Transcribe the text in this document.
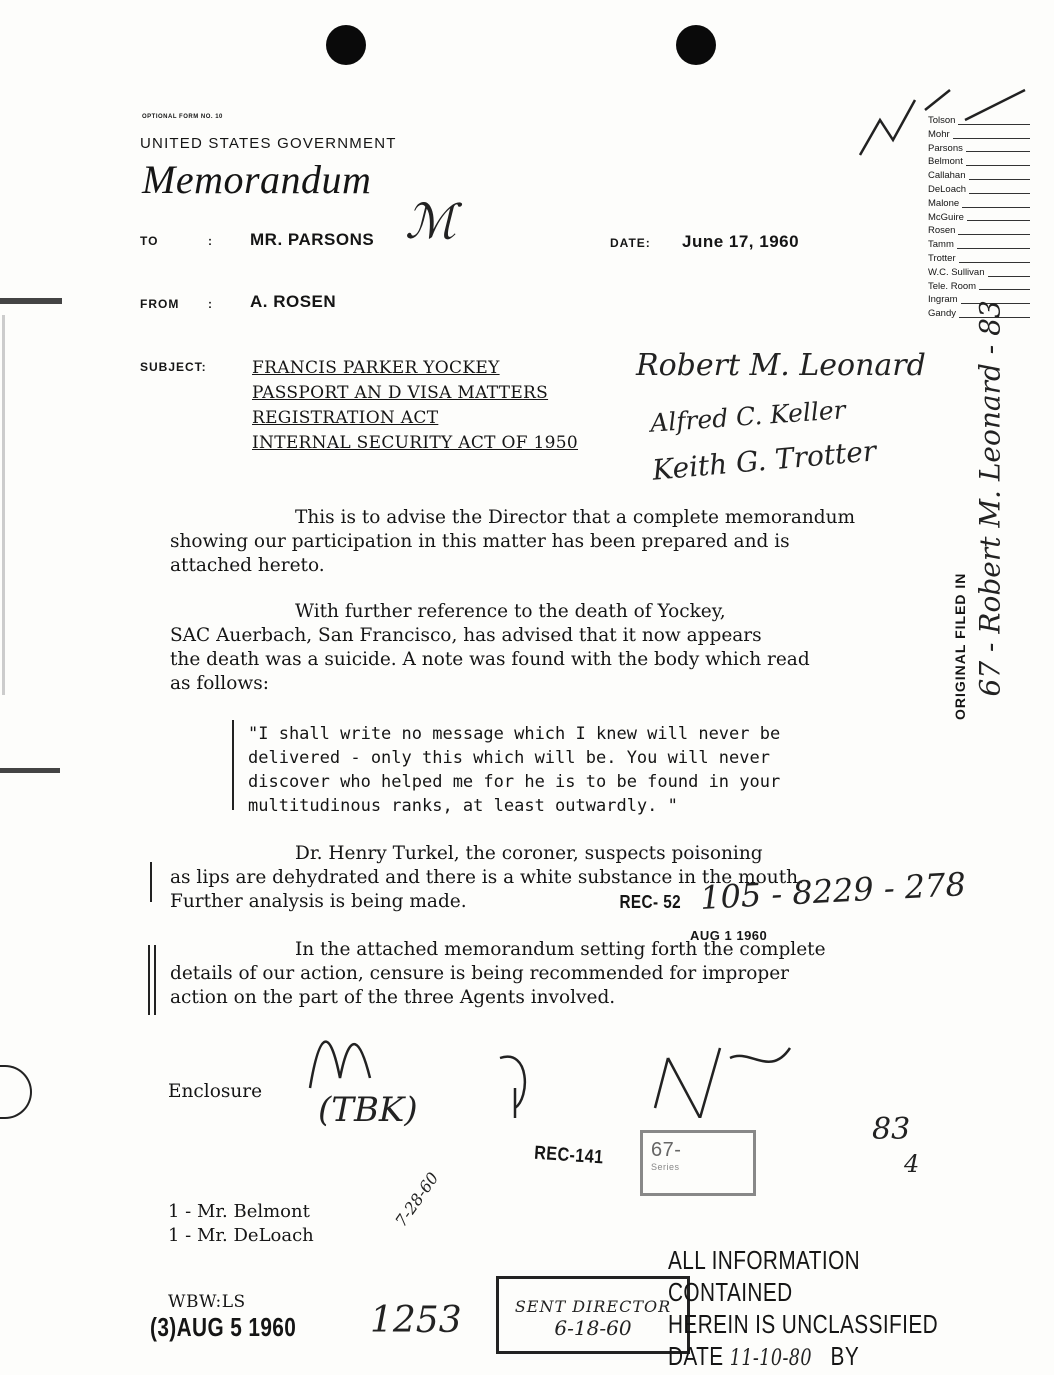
OPTIONAL FORM NO. 10
UNITED STATES GOVERNMENT
Memorandum
TO	: MR. PARSONS ℳ	DATE: June 17, 1960
FROM : A. ROSEN
SUBJECT:	FRANCIS PARKER YOCKEY
PASSPORT AN D VISA MATTERS
REGISTRATION ACT
INTERNAL SECURITY ACT OF 1950
Tolson
Mohr
Parsons
Belmont
Callahan
DeLoach
Malone
McGuire
Rosen
Tamm
Trotter
W.C. Sullivan
Tele. Room
Ingram
Gandy
Robert M. Leonard
Alfred C. Keller
Keith G. Trotter
ORIGINAL FILED IN 67 - Robert M. Leonard - 83
This is to advise the Director that a complete memorandum
showing our participation in this matter has been prepared and is
attached hereto.
With further reference to the death of Yockey,
SAC Auerbach, San Francisco, has advised that it now appears
the death was a suicide. A note was found with the body which read
as follows:
"I shall write no message which I knew will never be
delivered - only this which will be. You will never
discover who helped me for he is to be found in your
multitudinous ranks, at least outwardly. "
Dr. Henry Turkel, the coroner, suspects poisoning
as lips are dehydrated and there is a white substance in the mouth.
Further analysis is being made.	REC- 52 105 - 8229 - 278
AUG 1 1960
In the attached memorandum setting forth the complete
details of our action, censure is being recommended for improper
action on the part of the three Agents involved.
Enclosure (TBK)
REC-141	67-
Series
83
4
1 - Mr. Belmont
1 - Mr. DeLoach
7-28-60
WBW:LS
(3)AUG 5 1960 1253	SENT DIRECTOR
6-18-60
ALL INFORMATION CONTAINED
HEREIN IS UNCLASSIFIED
DATE 11-10-80 BY
